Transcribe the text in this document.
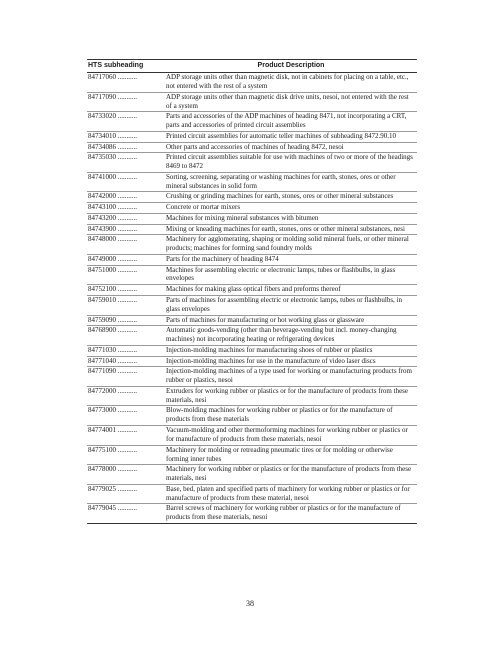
HTS subheading	Product Description
84717060 ...........	ADP storage units other than magnetic disk, not in cabinets for placing on a table, etc., not entered with the rest of a system
84717090 ...........	ADP storage units other than magnetic disk drive units, nesoi, not entered with the rest of a system
84733020 ...........	Parts and accessories of the ADP machines of heading 8471, not incorporating a CRT, parts and accessories of printed circuit assemblies
84734010 ...........	Printed circuit assemblies for automatic teller machines of subheading 8472.90.10
84734086 ...........	Other parts and accessories of machines of heading 8472, nesoi
84735030 ...........	Printed circuit assemblies suitable for use with machines of two or more of the headings 8469 to 8472
84741000 ...........	Sorting, screening, separating or washing machines for earth, stones, ores or other mineral substances in solid form
84742000 ...........	Crushing or grinding machines for earth, stones, ores or other mineral substances
84743100 ...........	Concrete or mortar mixers
84743200 ...........	Machines for mixing mineral substances with bitumen
84743900 ...........	Mixing or kneading machines for earth, stones, ores or other mineral substances, nesi
84748000 ...........	Machinery for agglomerating, shaping or molding solid mineral fuels, or other mineral products; machines for forming sand foundry molds
84749000 ...........	Parts for the machinery of heading 8474
84751000 ...........	Machines for assembling electric or electronic lamps, tubes or flashbulbs, in glass envelopes
84752100 ...........	Machines for making glass optical fibers and preforms thereof
84759010 ...........	Parts of machines for assembling electric or electronic lamps, tubes or flashbulbs, in glass envelopes
84759090 ...........	Parts of machines for manufacturing or hot working glass or glassware
84768900 ...........	Automatic goods-vending (other than beverage-vending but incl. money-changing machines) not incorporating heating or refrigerating devices
84771030 ...........	Injection-molding machines for manufacturing shoes of rubber or plastics
84771040 ...........	Injection-molding machines for use in the manufacture of video laser discs
84771090 ...........	Injection-molding machines of a type used for working or manufacturing products from rubber or plastics, nesoi
84772000 ...........	Extruders for working rubber or plastics or for the manufacture of products from these materials, nesi
84773000 ...........	Blow-molding machines for working rubber or plastics or for the manufacture of products from these materials
84774001 ...........	Vacuum-molding and other thermoforming machines for working rubber or plastics or for manufacture of products from these materials, nesoi
84775100 ...........	Machinery for molding or retreading pneumatic tires or for molding or otherwise forming inner tubes
84778000 ...........	Machinery for working rubber or plastics or for the manufacture of products from these materials, nesi
84779025 ...........	Base, bed, platen and specified parts of machinery for working rubber or plastics or for manufacture of products from these material, nesoi
84779045 ...........	Barrel screws of machinery for working rubber or plastics or for the manufacture of products from these materials, nesoi
38
